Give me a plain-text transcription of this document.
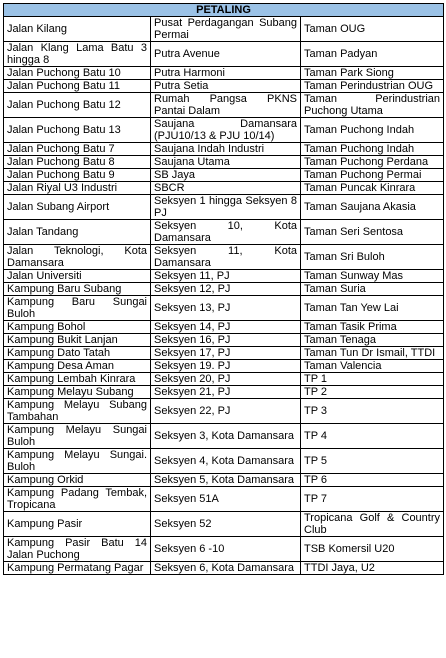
PETALING		
Jalan Kilang	Pusat Perdagangan Subang Permai	Taman OUG
Jalan Klang Lama Batu 3 hingga 8	Putra Avenue	Taman Padyan
Jalan Puchong Batu 10	Putra Harmoni	Taman Park Siong
Jalan Puchong Batu 11	Putra Setia	Taman Perindustrian OUG
Jalan Puchong Batu 12	Rumah Pangsa PKNS Pantai Dalam	Taman Perindustrian Puchong Utama
Jalan Puchong Batu 13	Saujana Damansara (PJU10/13 & PJU 10/14)	Taman Puchong Indah
Jalan Puchong Batu 7	Saujana Indah Industri	Taman Puchong Indah
Jalan Puchong Batu 8	Saujana Utama	Taman Puchong Perdana
Jalan Puchong Batu 9	SB Jaya	Taman Puchong Permai
Jalan Riyal U3 Industri	SBCR	Taman Puncak Kinrara
Jalan Subang Airport	Seksyen 1 hingga Seksyen 8 PJ	Taman Saujana Akasia
Jalan Tandang	Seksyen 10, Kota Damansara	Taman Seri Sentosa
Jalan Teknologi, Kota Damansara	Seksyen 11, Kota Damansara	Taman Sri Buloh
Jalan Universiti	Seksyen 11, PJ	Taman Sunway Mas
Kampung Baru Subang	Seksyen 12, PJ	Taman Suria
Kampung Baru Sungai Buloh	Seksyen 13, PJ	Taman Tan Yew Lai
Kampung Bohol	Seksyen 14, PJ	Taman Tasik Prima
Kampung Bukit Lanjan	Seksyen 16, PJ	Taman Tenaga
Kampung Dato Tatah	Seksyen 17, PJ	Taman Tun Dr Ismail, TTDI
Kampung Desa Aman	Seksyen 19. PJ	Taman Valencia
Kampung Lembah Kinrara	Seksyen 20, PJ	TP 1
Kampung Melayu Subang	Seksyen 21, PJ	TP 2
Kampung Melayu Subang Tambahan	Seksyen 22, PJ	TP 3
Kampung Melayu Sungai Buloh	Seksyen 3, Kota Damansara	TP 4
Kampung Melayu Sungai. Buloh	Seksyen 4, Kota Damansara	TP 5
Kampung Orkid	Seksyen 5, Kota Damansara	TP 6
Kampung Padang Tembak, Tropicana	Seksyen 51A	TP 7
Kampung Pasir	Seksyen 52	Tropicana Golf & Country Club
Kampung Pasir Batu 14 Jalan Puchong	Seksyen 6 -10	TSB Komersil U20
Kampung Permatang Pagar	Seksyen 6, Kota Damansara	TTDI Jaya, U2
